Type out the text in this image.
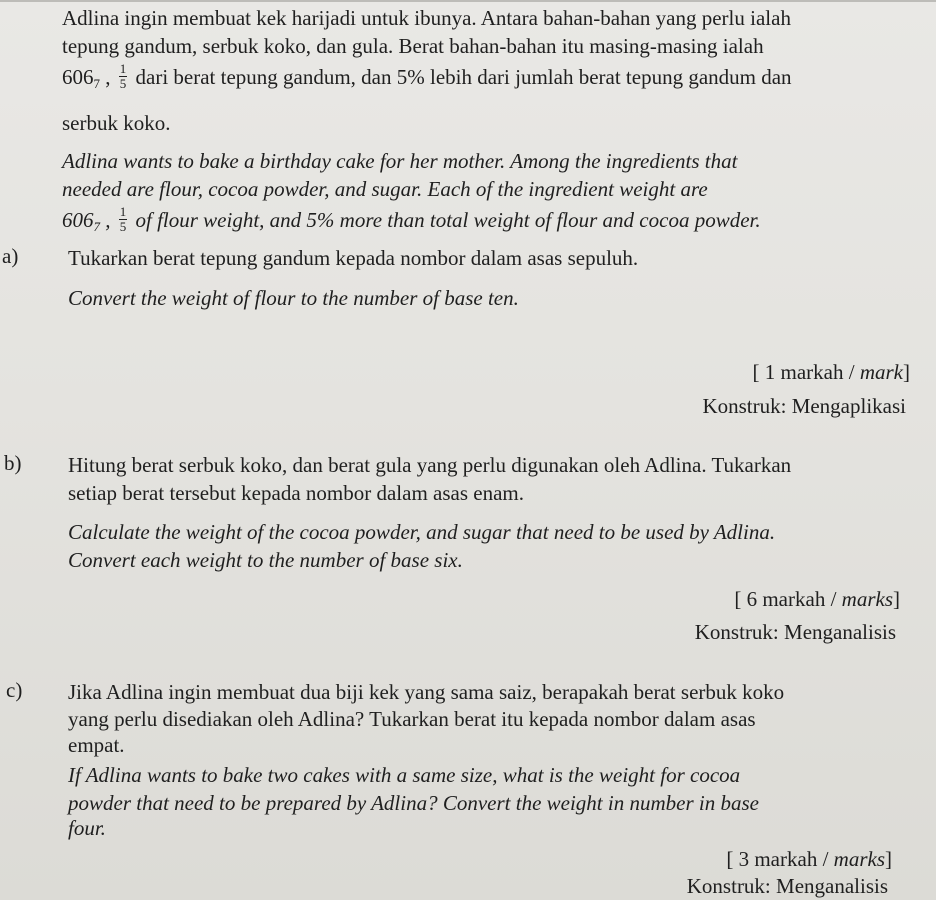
Adlina ingin membuat kek harijadi untuk ibunya. Antara bahan-bahan yang perlu ialah
tepung gandum, serbuk koko, dan gula. Berat bahan-bahan itu masing-masing ialah
$606_7$ , $\frac{1}{5}$ dari berat tepung gandum, dan 5% lebih dari jumlah berat tepung gandum dan
serbuk koko.
Adlina wants to bake a birthday cake for her mother. Among the ingredients that
needed are flour, cocoa powder, and sugar. Each of the ingredient weight are
$606_7$ , $\frac{1}{5}$ of flour weight, and 5% more than total weight of flour and cocoa powder.
a) Tukarkan berat tepung gandum kepada nombor dalam asas sepuluh.
Convert the weight of flour to the number of base ten.
[ 1 markah / mark]
Konstruk: Mengaplikasi
b) Hitung berat serbuk koko, dan berat gula yang perlu digunakan oleh Adlina. Tukarkan
setiap berat tersebut kepada nombor dalam asas enam.
Calculate the weight of the cocoa powder, and sugar that need to be used by Adlina.
Convert each weight to the number of base six.
[ 6 markah / marks]
Konstruk: Menganalisis
c) Jika Adlina ingin membuat dua biji kek yang sama saiz, berapakah berat serbuk koko
yang perlu disediakan oleh Adlina? Tukarkan berat itu kepada nombor dalam asas
empat.
If Adlina wants to bake two cakes with a same size, what is the weight for cocoa
powder that need to be prepared by Adlina? Convert the weight in number in base
four.
[ 3 markah / marks]
Konstruk: Menganalisis
